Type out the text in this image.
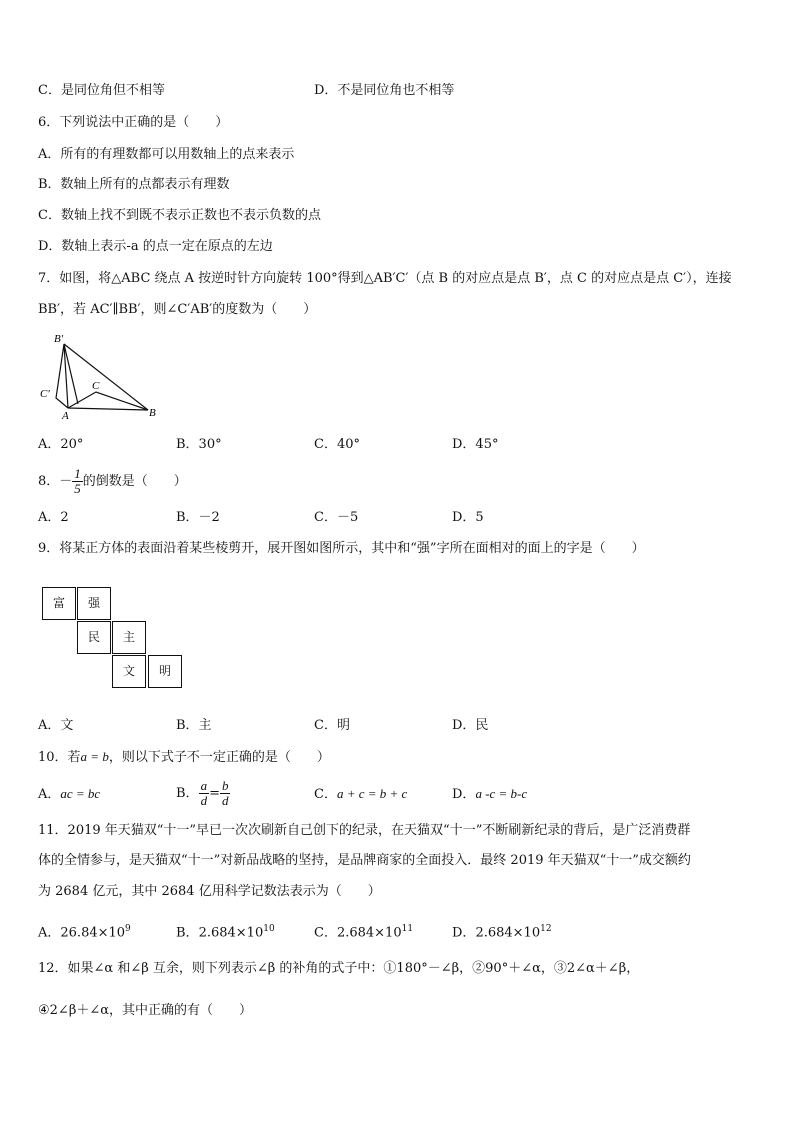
C．是同位角但不相等	D．不是同位角也不相等
6．下列说法中正确的是（　　）
A．所有的有理数都可以用数轴上的点来表示
B．数轴上所有的点都表示有理数
C．数轴上找不到既不表示正数也不表示负数的点
D．数轴上表示-a 的点一定在原点的左边
7．如图，将△ABC 绕点 A 按逆时针方向旋转 100°得到△AB′C′（点 B 的对应点是点 B′，点 C 的对应点是点 C′），连接
BB′，若 AC′∥BB′，则∠C′AB′的度数为（　　）
B′
C′
C
A	B
A．20°	B．30°	C．40°	D．45°
8．－ $\frac{1}{5}$ 的倒数是（　　）
A．2	B．－2	C．－5	D．5
9．将某正方体的表面沿着某些棱剪开，展开图如图所示，其中和“强”字所在面相对的面上的字是（　　）
富	强
民	主
文	明
A．文	B．主	C．明	D．民
10．若a = b，则以下式子不一定正确的是（　　）
A．ac = bc	B． $\frac{a}{d} = \frac{b}{d}$	C．a + c = b + c	D．a -c = b-c
11．2019 年天猫双“十一”早已一次次刷新自己创下的纪录，在天猫双“十一”不断刷新纪录的背后，是广泛消费群
体的全情参与，是天猫双“十一”对新品战略的坚持，是品牌商家的全面投入．最终 2019 年天猫双“十一”成交额约
为 2684 亿元，其中 2684 亿用科学记数法表示为（　　）
A．$26.84\times 10^9$	B．$2.684\times 10^{10}$	C．$2.684\times 10^{11}$	D．$2.684\times 10^{12}$
12．如果∠α 和∠β 互余，则下列表示∠β 的补角的式子中：①180°－∠β，②90°＋∠α，③2∠α＋∠β，
④2∠β＋∠α，其中正确的有（　　）
